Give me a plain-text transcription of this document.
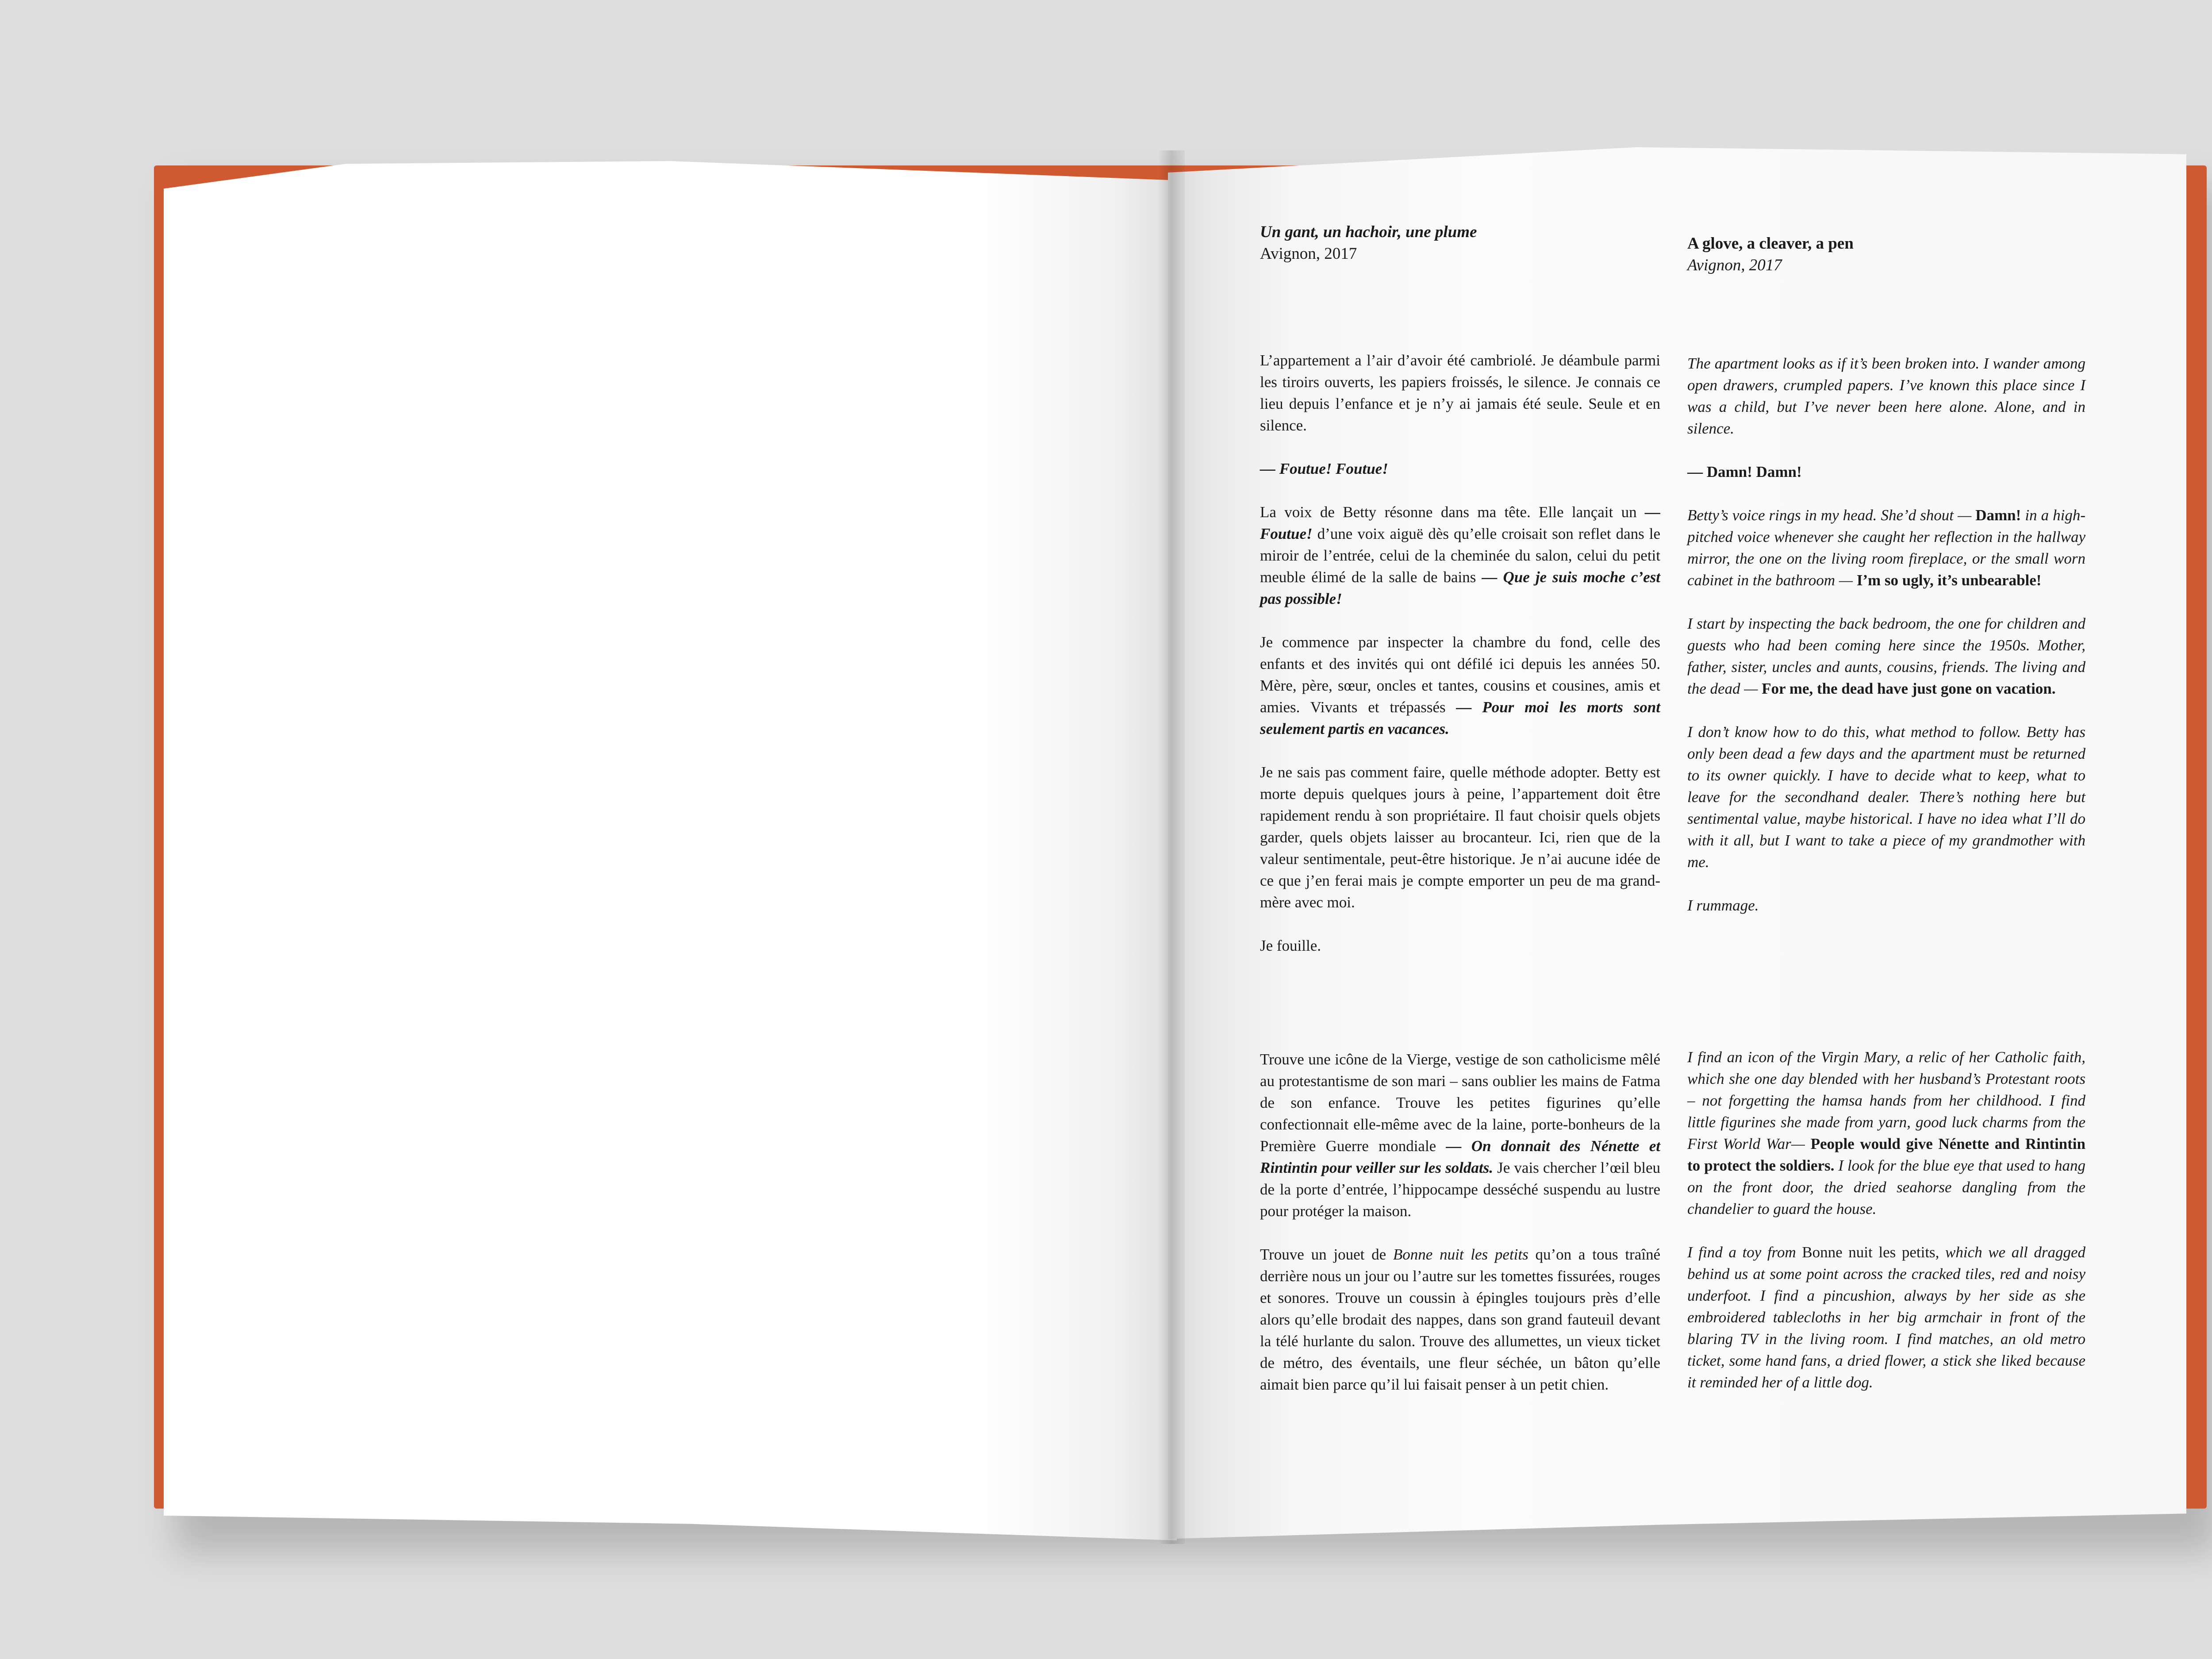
Un gant, un hachoir, une plume

Avignon, 2017

L’appartement a l’air d’avoir été cambriolé. Je déambule parmi les tiroirs ouverts, les papiers froissés, le silence. Je connais ce lieu depuis l’enfance et je n’y ai jamais été seule. Seule et en silence.

— Foutue! Foutue!

La voix de Betty résonne dans ma tête. Elle lançait un — Foutue! d’une voix aiguë dès qu’elle croisait son reflet dans le miroir de l’entrée, celui de la cheminée du salon, celui du petit meuble élimé de la salle de bains — Que je suis moche c’est pas possible!

Je commence par inspecter la chambre du fond, celle des enfants et des invités qui ont défilé ici depuis les années 50. Mère, père, sœur, oncles et tantes, cousins et cousines, amis et amies. Vivants et trépassés — Pour moi les morts sont seulement partis en vacances.

Je ne sais pas comment faire, quelle méthode adopter. Betty est morte depuis quelques jours à peine, l’appartement doit être rapidement rendu à son propriétaire. Il faut choisir quels objets garder, quels objets laisser au brocanteur. Ici, rien que de la valeur sentimentale, peut-être historique. Je n’ai aucune idée de ce que j’en ferai mais je compte emporter un peu de ma grand-mère avec moi.

Je fouille.

Trouve une icône de la Vierge, vestige de son catholicisme mêlé au protestantisme de son mari – sans oublier les mains de Fatma de son enfance. Trouve les petites figurines qu’elle confectionnait elle-même avec de la laine, porte-bonheurs de la Première Guerre mondiale — On donnait des Nénette et Rintintin pour veiller sur les soldats. Je vais chercher l’œil bleu de la porte d’entrée, l’hippocampe desséché suspendu au lustre pour protéger la maison.

Trouve un jouet de Bonne nuit les petits qu’on a tous traîné derrière nous un jour ou l’autre sur les tomettes fissurées, rouges et sonores. Trouve un coussin à épingles toujours près d’elle alors qu’elle brodait des nappes, dans son grand fauteuil devant la télé hurlante du salon. Trouve des allumettes, un vieux ticket de métro, des éventails, une fleur séchée, un bâton qu’elle aimait bien parce qu’il lui faisait penser à un petit chien.

A glove, a cleaver, a pen

Avignon, 2017

The apartment looks as if it’s been broken into. I wander among open drawers, crumpled papers. I’ve known this place since I was a child, but I’ve never been here alone. Alone, and in silence.

— Damn! Damn!

Betty’s voice rings in my head. She’d shout — Damn! in a high-pitched voice whenever she caught her reflection in the hallway mirror, the one on the living room fireplace, or the small worn cabinet in the bathroom — I’m so ugly, it’s unbearable!

I start by inspecting the back bedroom, the one for children and guests who had been coming here since the 1950s. Mother, father, sister, uncles and aunts, cousins, friends. The living and the dead — For me, the dead have just gone on vacation.

I don’t know how to do this, what method to follow. Betty has only been dead a few days and the apartment must be returned to its owner quickly. I have to decide what to keep, what to leave for the secondhand dealer. There’s nothing here but sentimental value, maybe historical. I have no idea what I’ll do with it all, but I want to take a piece of my grandmother with me.

I rummage.

I find an icon of the Virgin Mary, a relic of her Catholic faith, which she one day blended with her husband’s Protestant roots – not forgetting the hamsa hands from her childhood. I find little figurines she made from yarn, good luck charms from the First World War— People would give Nénette and Rintintin to protect the soldiers. I look for the blue eye that used to hang on the front door, the dried seahorse dangling from the chandelier to guard the house.

I find a toy from Bonne nuit les petits, which we all dragged behind us at some point across the cracked tiles, red and noisy underfoot. I find a pincushion, always by her side as she embroidered tablecloths in her big armchair in front of the blaring TV in the living room. I find matches, an old metro ticket, some hand fans, a dried flower, a stick she liked because it reminded her of a little dog.
